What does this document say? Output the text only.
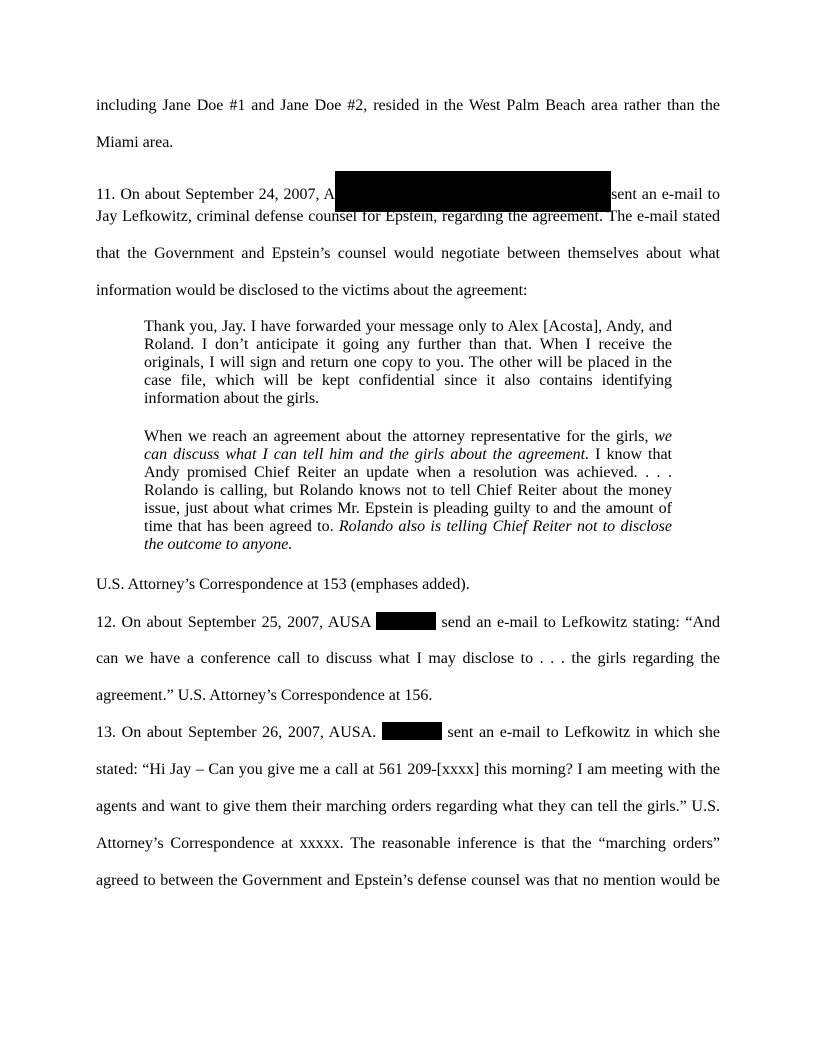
including Jane Doe #1 and Jane Doe #2, resided in the West Palm Beach area rather than the
Miami area.
11. On about September 24, 2007, A	sent an e-mail to
Jay Lefkowitz, criminal defense counsel for Epstein, regarding the agreement. The e-mail stated
that the Government and Epstein’s counsel would negotiate between themselves about what
information would be disclosed to the victims about the agreement:

Thank you, Jay. I have forwarded your message only to Alex [Acosta], Andy, and Roland. I don’t anticipate it going any further than that. When I receive the originals, I will sign and return one copy to you. The other will be placed in the case file, which will be kept confidential since it also contains identifying information about the girls.

When we reach an agreement about the attorney representative for the girls, we can discuss what I can tell him and the girls about the agreement. I know that Andy promised Chief Reiter an update when a resolution was achieved. . . . Rolando is calling, but Rolando knows not to tell Chief Reiter about the money issue, just about what crimes Mr. Epstein is pleading guilty to and the amount of time that has been agreed to. Rolando also is telling Chief Reiter not to disclose the outcome to anyone.

U.S. Attorney’s Correspondence at 153 (emphases added).
12. On about September 25, 2007, AUSA	send an e-mail to Lefkowitz stating: “And
can we have a conference call to discuss what I may disclose to . . . the girls regarding the
agreement.” U.S. Attorney’s Correspondence at 156.
13. On about September 26, 2007, AUSA.	sent an e-mail to Lefkowitz in which she
stated: “Hi Jay – Can you give me a call at 561 209-[xxxx] this morning? I am meeting with the
agents and want to give them their marching orders regarding what they can tell the girls.” U.S.
Attorney’s Correspondence at xxxxx. The reasonable inference is that the “marching orders”
agreed to between the Government and Epstein’s defense counsel was that no mention would be
